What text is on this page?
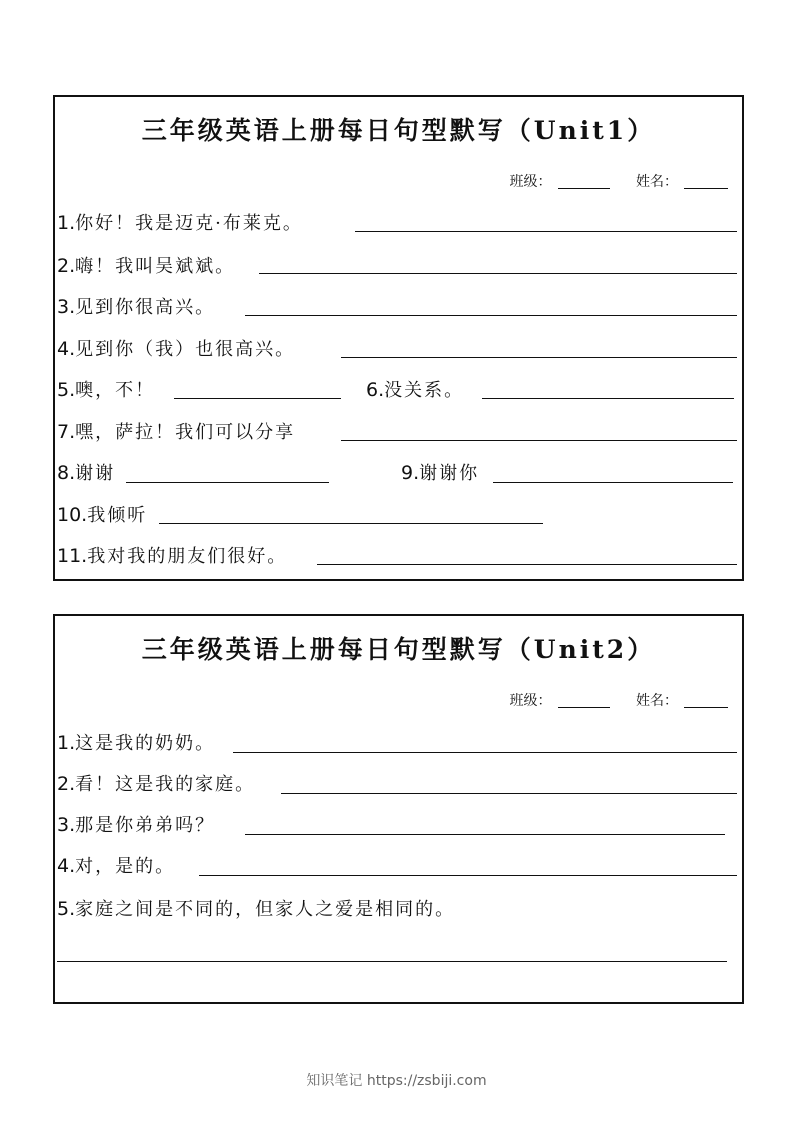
三年级英语上册每日句型默写（Unit1）
班级：	姓名：
1.你好！我是迈克·布莱克。
2.嗨！我叫吴斌斌。
3.见到你很高兴。
4.见到你（我）也很高兴。
5.噢，不！	6.没关系。
7.嘿，萨拉！我们可以分享
8.谢谢	9.谢谢你
10.我倾听
11.我对我的朋友们很好。
三年级英语上册每日句型默写（Unit2）
班级：	姓名：
1.这是我的奶奶。
2.看！这是我的家庭。
3.那是你弟弟吗？
4.对，是的。
5.家庭之间是不同的，但家人之爱是相同的。
知识笔记 https://zsbiji.com
